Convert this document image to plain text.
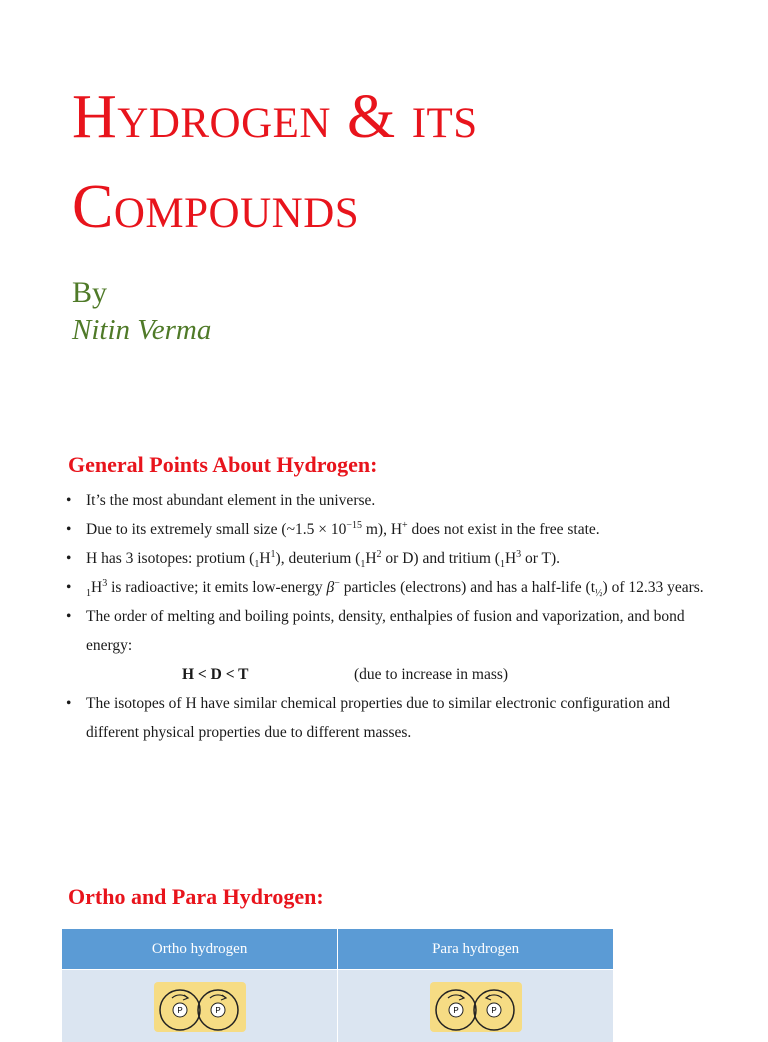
Hydrogen & its
Compounds
By
Nitin Verma
General Points About Hydrogen:
• It’s the most abundant element in the universe.
• Due to its extremely small size (~1.5 × $10^{-15}$ m), H+ does not exist in the free state.
• H has 3 isotopes: protium $(_1H^1)$, deuterium ($_1H^2$ or D) and tritium ($_1H^3$ or T).
• $_1H^3$ is radioactive; it emits low-energy β− particles (electrons) and has a half-life $(t_{\frac{1}{2}})$ of 12.33 years.
• The order of melting and boiling points, density, enthalpies of fusion and vaporization, and bond energy:
H < D < T	(due to increase in mass)
• The isotopes of H have similar chemical properties due to similar electronic configuration and different physical properties due to different masses.
Ortho and Para Hydrogen:
Ortho hydrogen	Para hydrogen

P P	P P
